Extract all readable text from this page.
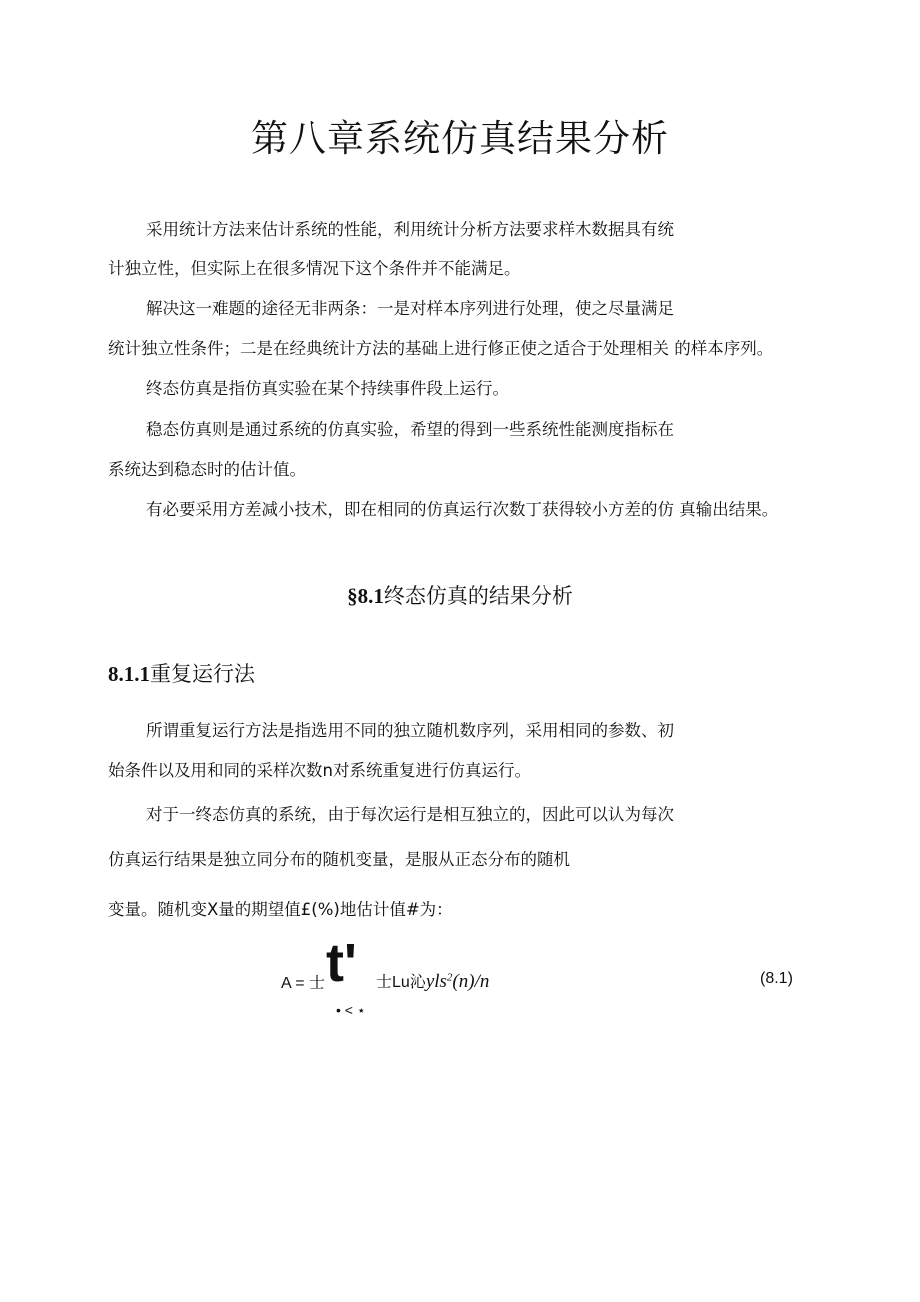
第八章系统仿真结果分析
采用统计方法来估计系统的性能，利用统计分析方法要求样木数据具有统
计独立性，但实际上在很多情况下这个条件并不能满足。
解决这一难题的途径无非两条：一是对样本序列进行处理，使之尽量满足
统计独立性条件；二是在经典统计方法的基础上进行修正使之适合于处理相关 的样本序列。
终态仿真是指仿真实验在某个持续事件段上运行。
稳态仿真则是通过系统的仿真实验，希望的得到一些系统性能测度指标在
系统达到稳态时的估计值。
有必要采用方差减小技术，即在相同的仿真运行次数丁获得较小方差的仿 真输出结果。
§8.1终态仿真的结果分析
8.1.1重复运行法
所谓重复运行方法是指选用不同的独立随机数序列，采用相同的参数、初
始条件以及用和同的采样次数n对系统重复进行仿真运行。
对于一终态仿真的系统，由于每次运行是相互独立的，因此可以认为每次
仿真运行结果是独立同分布的随机变量，是服从正态分布的随机
变量。随机变X量的期望值£(%)地估计值#为：
A = 士 t' 士Lu沁yls$^2$(n)/n
• < ⋆
(8.1)
